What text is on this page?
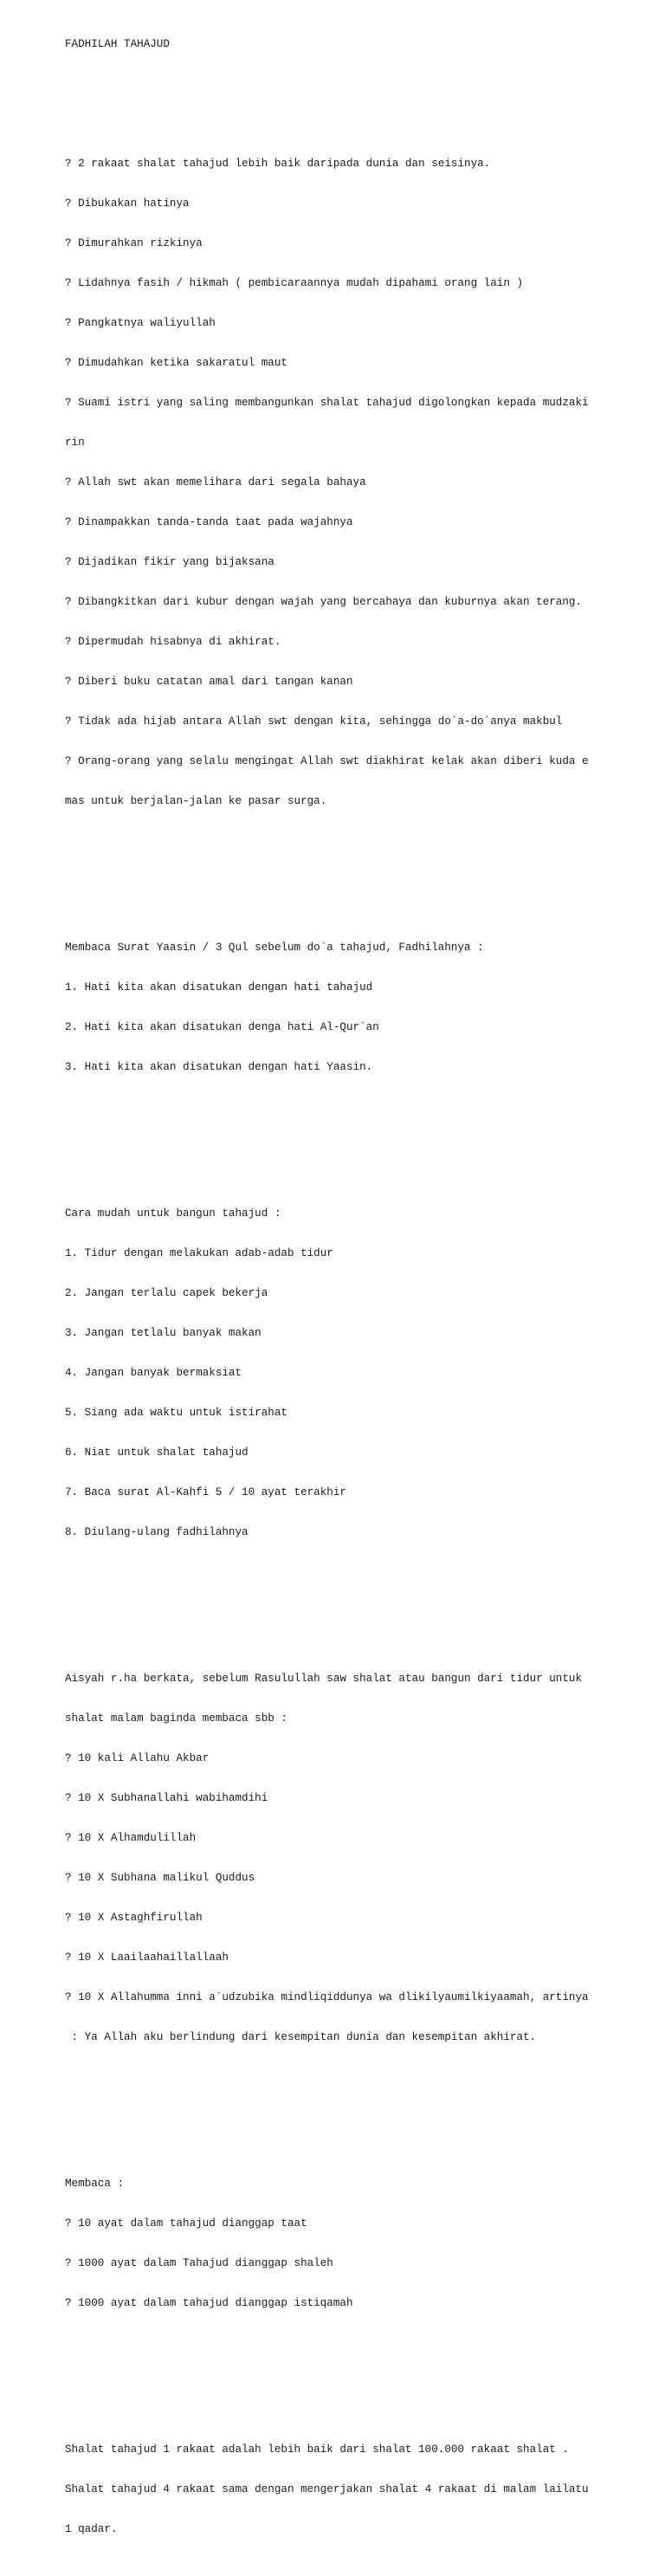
FADHILAH TAHAJUD

? 2 rakaat shalat tahajud lebih baik daripada dunia dan seisinya.

? Dibukakan hatinya

? Dimurahkan rizkinya

? Lidahnya fasih / hikmah ( pembicaraannya mudah dipahami orang lain )

? Pangkatnya waliyullah

? Dimudahkan ketika sakaratul maut

? Suami istri yang saling membangunkan shalat tahajud digolongkan kepada mudzaki

rin

? Allah swt akan memelihara dari segala bahaya

? Dinampakkan tanda-tanda taat pada wajahnya

? Dijadikan fikir yang bijaksana

? Dibangkitkan dari kubur dengan wajah yang bercahaya dan kuburnya akan terang.

? Dipermudah hisabnya di akhirat.

? Diberi buku catatan amal dari tangan kanan

? Tidak ada hijab antara Allah swt dengan kita, sehingga do`a-do`anya makbul

? Orang-orang yang selalu mengingat Allah swt diakhirat kelak akan diberi kuda e

mas untuk berjalan-jalan ke pasar surga.

Membaca Surat Yaasin / 3 Qul sebelum do`a tahajud, Fadhilahnya :

1. Hati kita akan disatukan dengan hati tahajud

2. Hati kita akan disatukan denga hati Al-Qur`an

3. Hati kita akan disatukan dengan hati Yaasin.

Cara mudah untuk bangun tahajud :

1. Tidur dengan melakukan adab-adab tidur

2. Jangan terlalu capek bekerja

3. Jangan tetlalu banyak makan

4. Jangan banyak bermaksiat

5. Siang ada waktu untuk istirahat

6. Niat untuk shalat tahajud

7. Baca surat Al-Kahfi 5 / 10 ayat terakhir

8. Diulang-ulang fadhilahnya

Aisyah r.ha berkata, sebelum Rasulullah saw shalat atau bangun dari tidur untuk

shalat malam baginda membaca sbb :

? 10 kali Allahu Akbar

? 10 X Subhanallahi wabihamdihi

? 10 X Alhamdulillah

? 10 X Subhana malikul Quddus

? 10 X Astaghfirullah

? 10 X Laailaahaillallaah

? 10 X Allahumma inni a`udzubika mindliqiddunya wa dlikilyaumilkiyaamah, artinya

: Ya Allah aku berlindung dari kesempitan dunia dan kesempitan akhirat.

Membaca :

? 10 ayat dalam tahajud dianggap taat

? 1000 ayat dalam Tahajud dianggap shaleh

? 1000 ayat dalam tahajud dianggap istiqamah

Shalat tahajud 1 rakaat adalah lebih baik dari shalat 100.000 rakaat shalat .

Shalat tahajud 4 rakaat sama dengan mengerjakan shalat 4 rakaat di malam lailatu

1 qadar.
